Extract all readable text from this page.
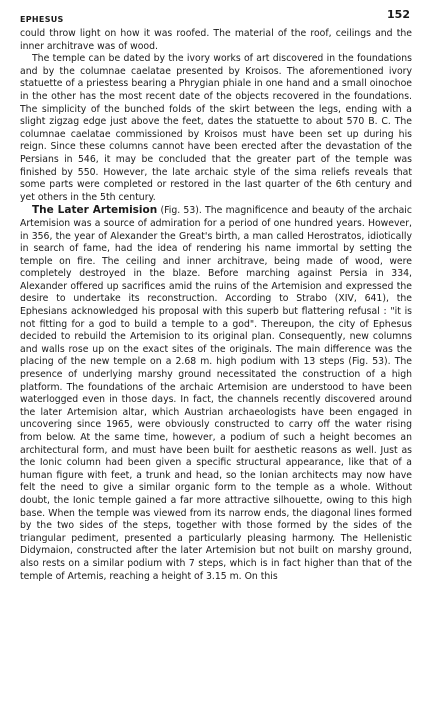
EPHESUS	152

could throw light on how it was roofed. The material of the roof, ceilings and the inner architrave was of wood.

The temple can be dated by the ivory works of art discovered in the foundations and by the columnae caelatae presented by Kroisos. The aforementioned ivory statuette of a priestess bearing a Phrygian phiale in one hand and a small oinochoe in the other has the most recent date of the objects recovered in the foundations. The simplicity of the bunched folds of the skirt between the legs, ending with a slight zigzag edge just above the feet, dates the statuette to about 570 B. C. The columnae caelatae commissioned by Kroisos must have been set up during his reign. Since these columns cannot have been erected after the devastation of the Persians in 546, it may be concluded that the greater part of the temple was finished by 550. However, the late archaic style of the sima reliefs reveals that some parts were completed or restored in the last quarter of the 6th century and yet others in the 5th century.

The Later Artemision (Fig. 53). The magnificence and beauty of the archaic Artemision was a source of admiration for a period of one hundred years. However, in 356, the year of Alexander the Great's birth, a man called Herostratos, idiotically in search of fame, had the idea of rendering his name immortal by setting the temple on fire. The ceiling and inner architrave, being made of wood, were completely destroyed in the blaze. Before marching against Persia in 334, Alexander offered up sacrifices amid the ruins of the Artemision and expressed the desire to undertake its reconstruction. According to Strabo (XIV, 641), the Ephesians acknowledged his proposal with this superb but flattering refusal : "it is not fitting for a god to build a temple to a god". Thereupon, the city of Ephesus decided to rebuild the Artemision to its original plan. Consequently, new columns and walls rose up on the exact sites of the originals. The main difference was the placing of the new temple on a 2.68 m. high podium with 13 steps (Fig. 53). The presence of underlying marshy ground necessitated the construction of a high platform. The foundations of the archaic Artemision are understood to have been waterlogged even in those days. In fact, the channels recently discovered around the later Artemision altar, which Austrian archaeologists have been engaged in uncovering since 1965, were obviously constructed to carry off the water rising from below. At the same time, however, a podium of such a height becomes an architectural form, and must have been built for aesthetic reasons as well. Just as the Ionic column had been given a specific structural appearance, like that of a human figure with feet, a trunk and head, so the Ionian architects may now have felt the need to give a similar organic form to the temple as a whole. Without doubt, the Ionic temple gained a far more attractive silhouette, owing to this high base. When the temple was viewed from its narrow ends, the diagonal lines formed by the two sides of the steps, together with those formed by the sides of the triangular pediment, presented a particularly pleasing harmony. The Hellenistic Didymaion, constructed after the later Artemision but not built on marshy ground, also rests on a similar podium with 7 steps, which is in fact higher than that of the temple of Artemis, reaching a height of 3.15 m. On this
